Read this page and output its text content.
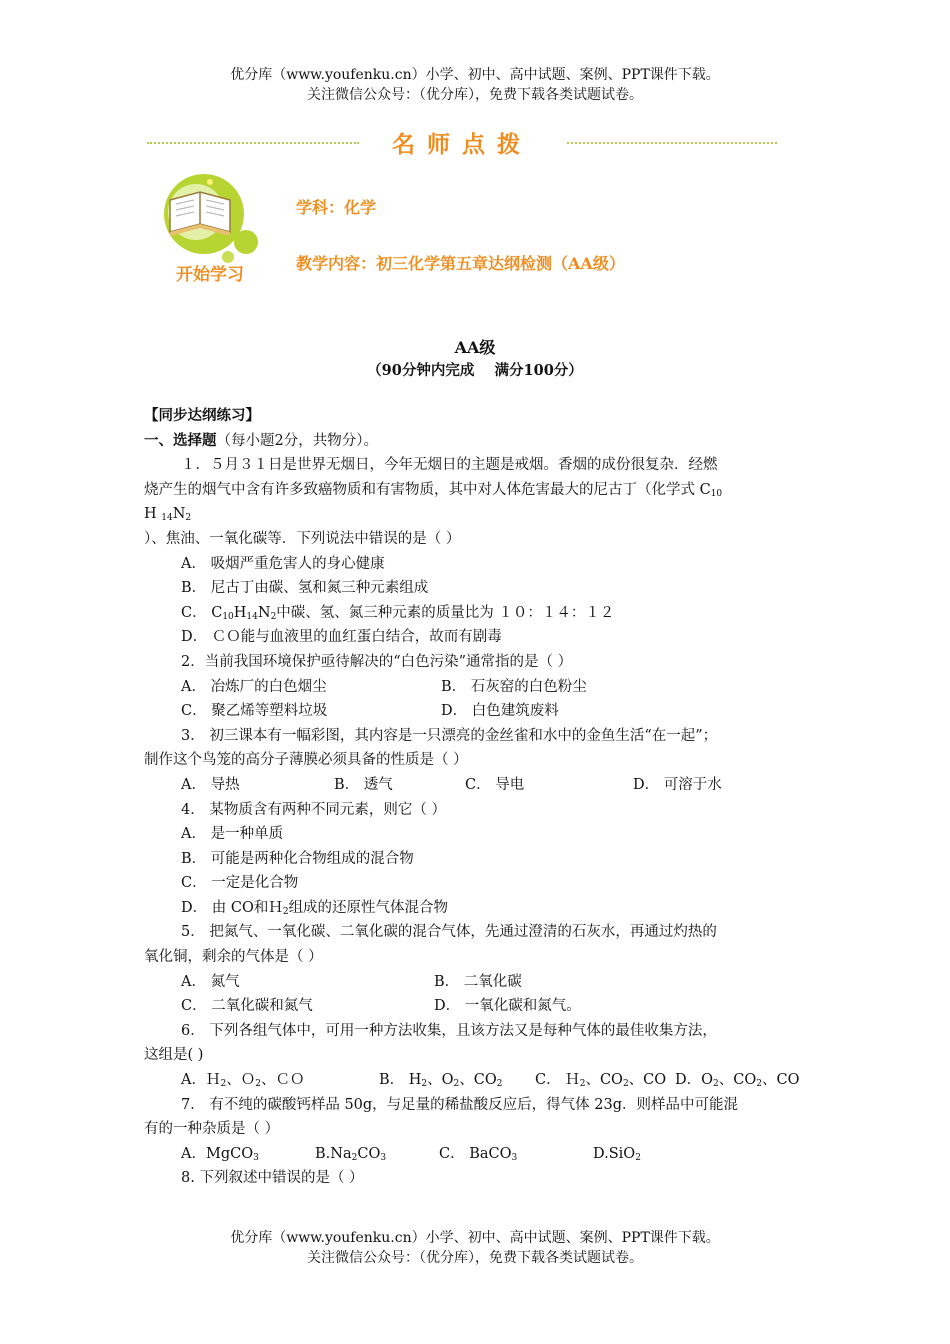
优分库（www.youfenku.cn）小学、初中、高中试题、案例、PPT课件下载。
关注微信公众号：（优分库），免费下载各类试题试卷。
名师点拨
开始学习
学科：化学
教学内容：初三化学第五章达纲检测（AA级）
AA级
（90分钟内完成    满分100分）
【同步达纲练习】
一、选择题（每小题2分，共物分）。
１．５月３１日是世界无烟日，今年无烟日的主题是戒烟。香烟的成份很复杂．经燃
烧产生的烟气中含有许多致癌物质和有害物质，其中对人体危害最大的尼古丁（化学式 $C_{10}$
H $_{14}N_2$
）、焦油、一氧化碳等．下列说法中错误的是（ ）
A． 吸烟严重危害人的身心健康
B． 尼古丁由碳、氢和氮三种元素组成
C． $C_{10}H_{14}N_2$中碳、氢、氮三种元素的质量比为 １０：１４：１２
D． ＣＯ能与血液里的血红蛋白结合，故而有剧毒
2．当前我国环境保护亟待解决的“白色污染”通常指的是（ ）
A． 冶炼厂的白色烟尘	B． 石灰窑的白色粉尘
C． 聚乙烯等塑料垃圾	D． 白色建筑废料
3． 初三课本有一幅彩图，其内容是一只漂亮的金丝雀和水中的金鱼生活“在一起”；
制作这个鸟笼的高分子薄膜必须具备的性质是（ ）
A． 导热	B． 透气	C． 导电	D． 可溶于水
4． 某物质含有两种不同元素，则它（ ）
A． 是一种单质
B． 可能是两种化合物组成的混合物
C． 一定是化合物
D． 由 CO和Ｈ$_2$组成的还原性气体混合物
5． 把氮气、一氧化碳、二氧化碳的混合气体，先通过澄清的石灰水，再通过灼热的
氧化铜，剩余的气体是（ ）
A． 氮气	B． 二氧化碳
C． 二氧化碳和氮气	D． 一氧化碳和氮气。
6． 下列各组气体中，可用一种方法收集，且该方法又是每种气体的最佳收集方法，
这组是( )
A．Ｈ$_2$、Ｏ$_2$、ＣＯ	B． $H_2$、$O_2$、$CO_2$ C． Ｈ$_2$、$CO_2$、CO D．$O_2$、$CO_2$、CO
7． 有不纯的碳酸钙样品 50g，与足量的稀盐酸反应后，得气体 23g．则样品中可能混
有的一种杂质是（ ）
A．MgCO$_3$	$B.Na_2CO_3$	C． BaCO$_3$	D.SiO$_2$
8. 下列叙述中错误的是（ ）
优分库（www.youfenku.cn）小学、初中、高中试题、案例、PPT课件下载。
关注微信公众号：（优分库），免费下载各类试题试卷。
